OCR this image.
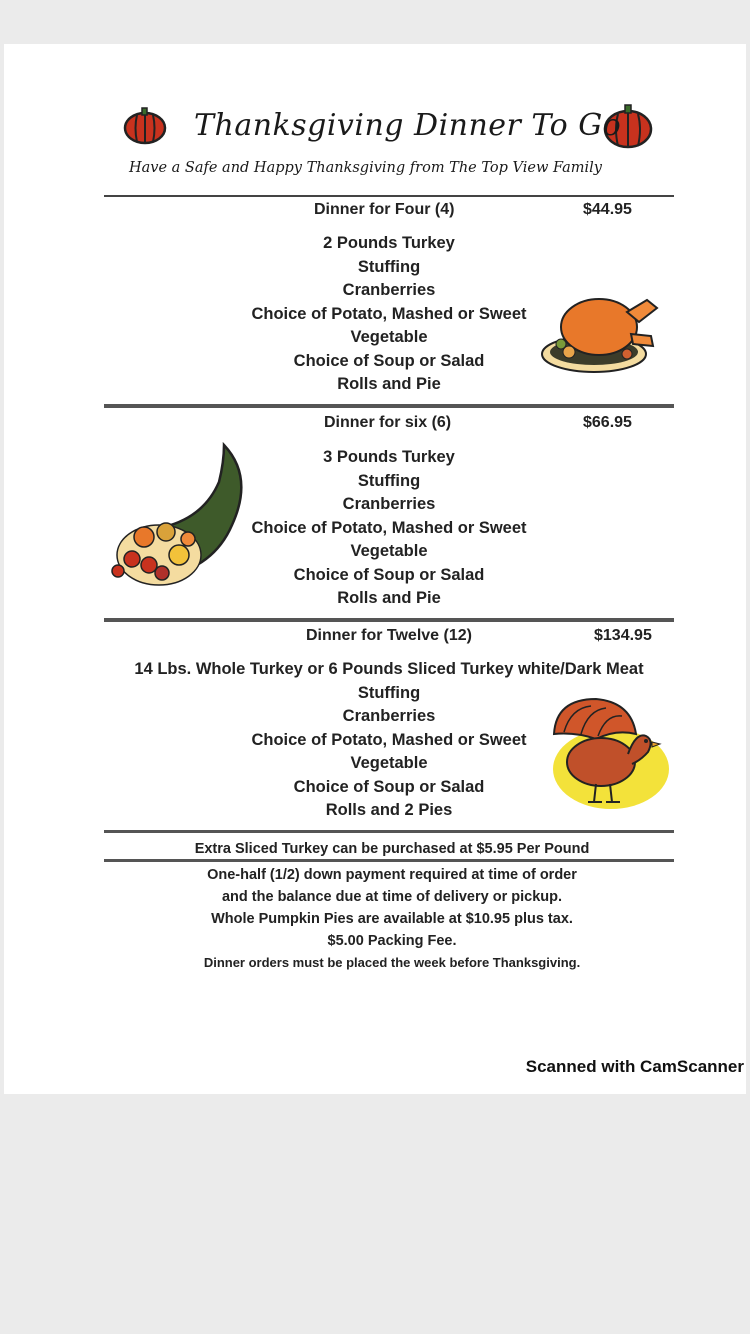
Thanksgiving Dinner To Go
Have a Safe and Happy Thanksgiving from The Top View Family
Dinner for Four (4)	$44.95
2 Pounds Turkey
Stuffing
Cranberries
Choice of Potato, Mashed or Sweet
Vegetable
Choice of Soup or Salad
Rolls and Pie
Dinner for six (6)	$66.95
3 Pounds Turkey
Stuffing
Cranberries
Choice of Potato, Mashed or Sweet
Vegetable
Choice of Soup or Salad
Rolls and Pie
Dinner for Twelve (12)	$134.95
14 Lbs. Whole Turkey or 6 Pounds Sliced Turkey white/Dark Meat
Stuffing
Cranberries
Choice of Potato, Mashed or Sweet
Vegetable
Choice of Soup or Salad
Rolls and 2 Pies
Extra Sliced Turkey can be purchased at $5.95 Per Pound
One-half (1/2) down payment required at time of order
and the balance due at time of delivery or pickup.
Whole Pumpkin Pies are available at $10.95 plus tax.
$5.00 Packing Fee.
Dinner orders must be placed the week before Thanksgiving.
Scanned with CamScanner
